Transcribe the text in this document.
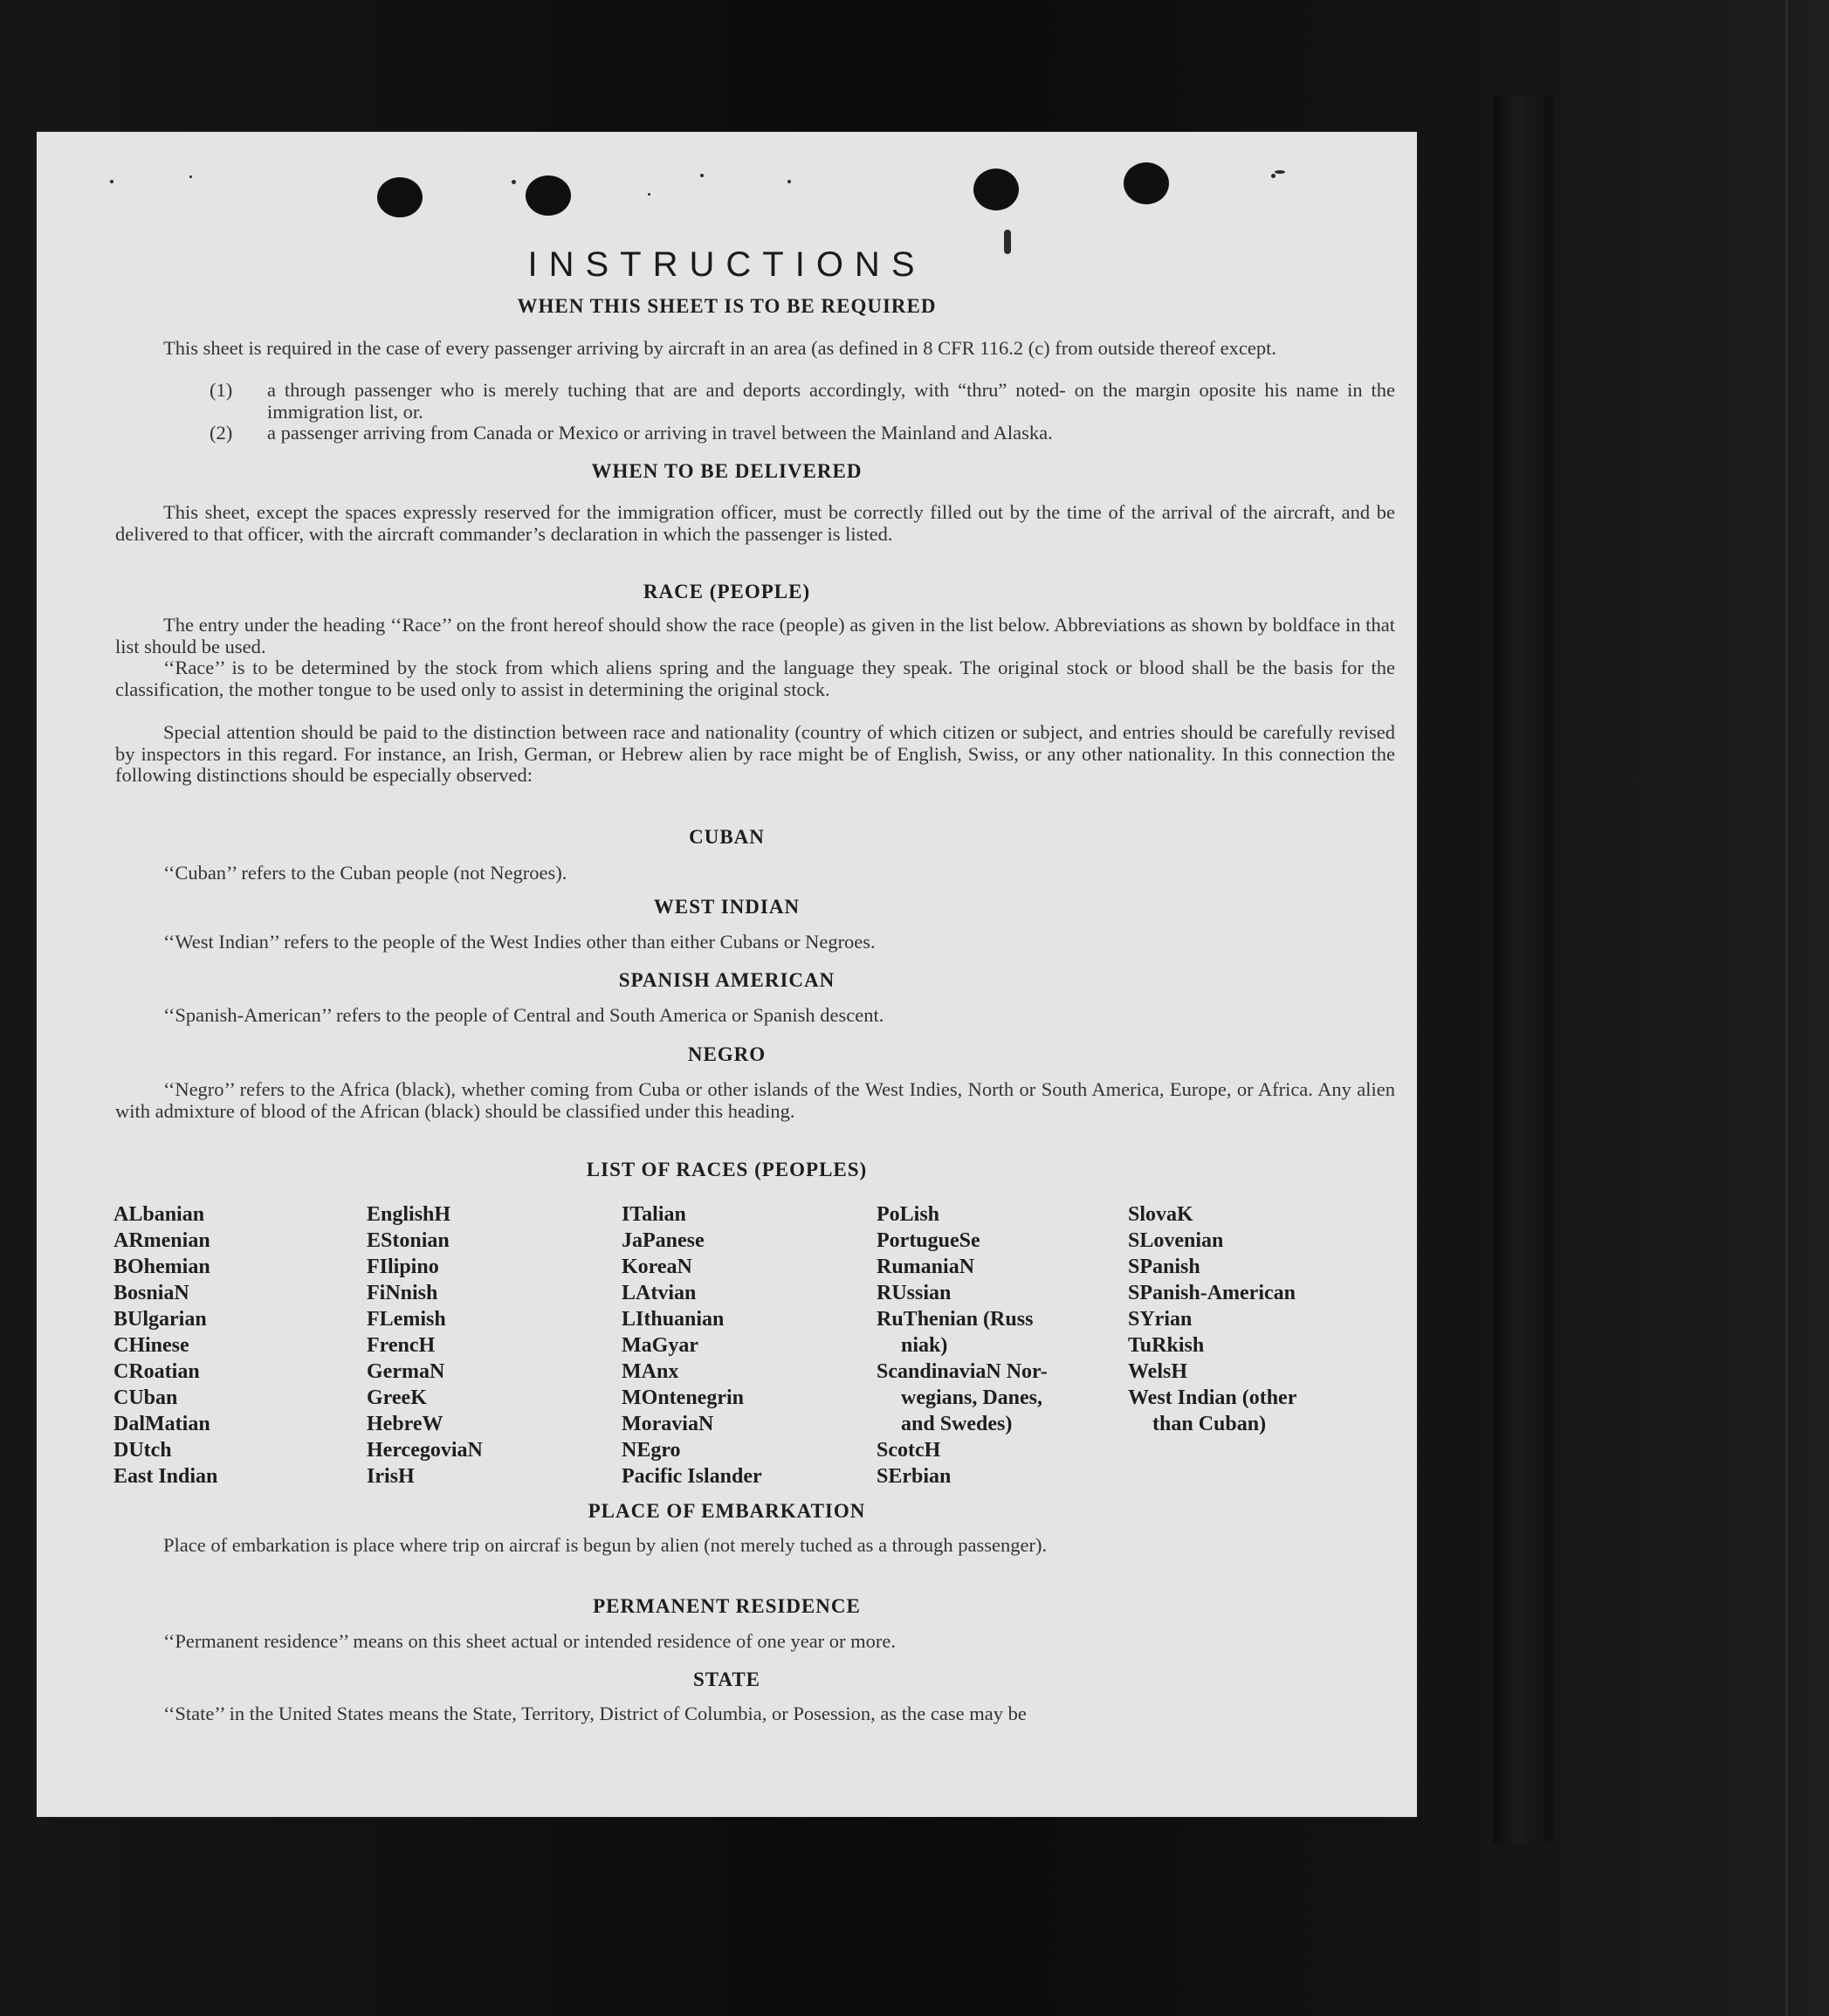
INSTRUCTIONS
WHEN THIS SHEET IS TO BE REQUIRED
This sheet is required in the case of every passenger arriving by aircraft in an area (as defined in 8 CFR 116.2 (c) from outside thereof except.
(1) a through passenger who is merely tuching that are and deports accordingly, with “thru” noted- on the margin oposite his name in the immigration list, or.
(2) a passenger arriving from Canada or Mexico or arriving in travel between the Mainland and Alaska.
WHEN TO BE DELIVERED
This sheet, except the spaces expressly reserved for the immigration officer, must be correctly filled out by the time of the arrival of the aircraft, and be delivered to that officer, with the aircraft commander’s declaration in which the passenger is listed.
RACE (PEOPLE)
The entry under the heading ‘‘Race’’ on the front hereof should show the race (people) as given in the list below. Abbreviations as shown by boldface in that list should be used.
‘‘Race’’ is to be determined by the stock from which aliens spring and the language they speak. The original stock or blood shall be the basis for the classification, the mother tongue to be used only to assist in determining the original stock.
Special attention should be paid to the distinction between race and nationality (country of which citizen or subject, and entries should be carefully revised by inspectors in this regard. For instance, an Irish, German, or Hebrew alien by race might be of English, Swiss, or any other nationality. In this connection the following distinctions should be especially observed:
CUBAN
‘‘Cuban’’ refers to the Cuban people (not Negroes).
WEST INDIAN
‘‘West Indian’’ refers to the people of the West Indies other than either Cubans or Negroes.
SPANISH AMERICAN
‘‘Spanish-American’’ refers to the people of Central and South America or Spanish descent.
NEGRO
‘‘Negro’’ refers to the Africa (black), whether coming from Cuba or other islands of the West Indies, North or South America, Europe, or Africa. Any alien with admixture of blood of the African (black) should be classified under this heading.
LIST OF RACES (PEOPLES)
ALbanian
ARmenian
BOhemian
BosniaN
BUlgarian
CHinese
CRoatian
CUban
DalMatian
DUtch
East Indian
EnglishH
EStonian
FIlipino
FiNnish
FLemish
FrencH
GermaN
GreeK
HebreW
HercegoviaN
IrisH
ITalian
JaPanese
KoreaN
LAtvian
LIthuanian
MaGyar
MAnx
MOntenegrin
MoraviaN
NEgro
Pacific Islander
PoLish
PortugueSe
RumaniaN
RUssian
RuThenian (Russ
niak)
ScandinaviaN Nor-
wegians, Danes,
and Swedes)
ScotcH
SErbian
SlovaK
SLovenian
SPanish
SPanish-American
SYrian
TuRkish
WelsH
West Indian (other
than Cuban)
PLACE OF EMBARKATION
Place of embarkation is place where trip on aircraf is begun by alien (not merely tuched as a through passenger).
PERMANENT RESIDENCE
‘‘Permanent residence’’ means on this sheet actual or intended residence of one year or more.
STATE
‘‘State’’ in the United States means the State, Territory, District of Columbia, or Posession, as the case may be
